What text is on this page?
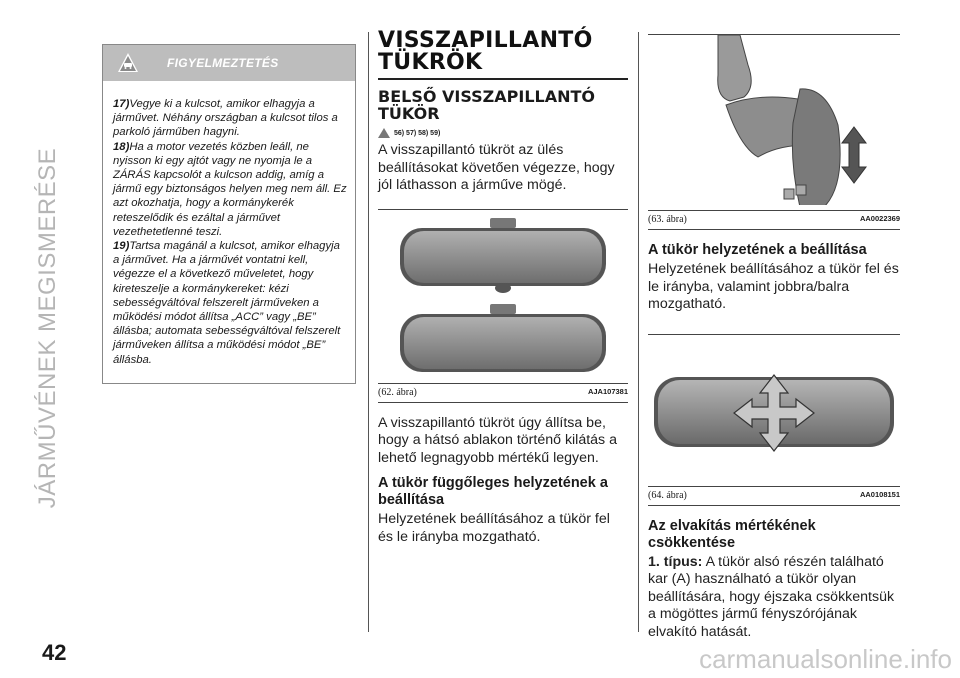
JÁRMŰVÉNEK MEGISMERÉSE
FIGYELMEZTETÉS

17)Vegye ki a kulcsot, amikor elhagyja a járművet. Néhány országban a kulcsot tilos a parkoló járműben hagyni.

18)Ha a motor vezetés közben leáll, ne nyisson ki egy ajtót vagy ne nyomja le a ZÁRÁS kapcsolót a kulcson addig, amíg a jármű egy biztonságos helyen meg nem áll. Ez azt okozhatja, hogy a kormánykerék reteszelődik és ezáltal a járművet vezethetetlenné teszi.

19)Tartsa magánál a kulcsot, amikor elhagyja a járművet. Ha a járművét vontatni kell, végezze el a következő műveletet, hogy kireteszelje a kormánykereket: kézi sebességváltóval felszerelt járműveken a működési módot állítsa „ACC” vagy „BE” állásba; automata sebességváltóval felszerelt járműveken állítsa a működési módot „BE” állásba.

VISSZAPILLANTÓ
TÜKRÖK
BELSŐ VISSZAPILLANTÓ
TÜKÖR
56) 57) 58) 59)

A visszapillantó tükröt az ülés beállításokat követően végezze, hogy jól láthasson a járműve mögé.

(62. ábra)	AJA107381

A visszapillantó tükröt úgy állítsa be, hogy a hátsó ablakon történő kilátás a lehető legnagyobb mértékű legyen.

A tükör függőleges helyzetének a beállítása

Helyzetének beállításához a tükör fel és le irányba mozgatható.

(63. ábra)	AA0022369
A tükör helyzetének a beállítása

Helyzetének beállításához a tükör fel és le irányba, valamint jobbra/balra mozgatható.

(64. ábra)	AA0108151
Az elvakítás mértékének csökkentése

1. típus: A tükör alsó részén található kar (A) használható a tükör olyan beállítására, hogy éjszaka csökkentsük a mögöttes jármű fényszórójának elvakító hatását.

42	carmanualsonline.info
